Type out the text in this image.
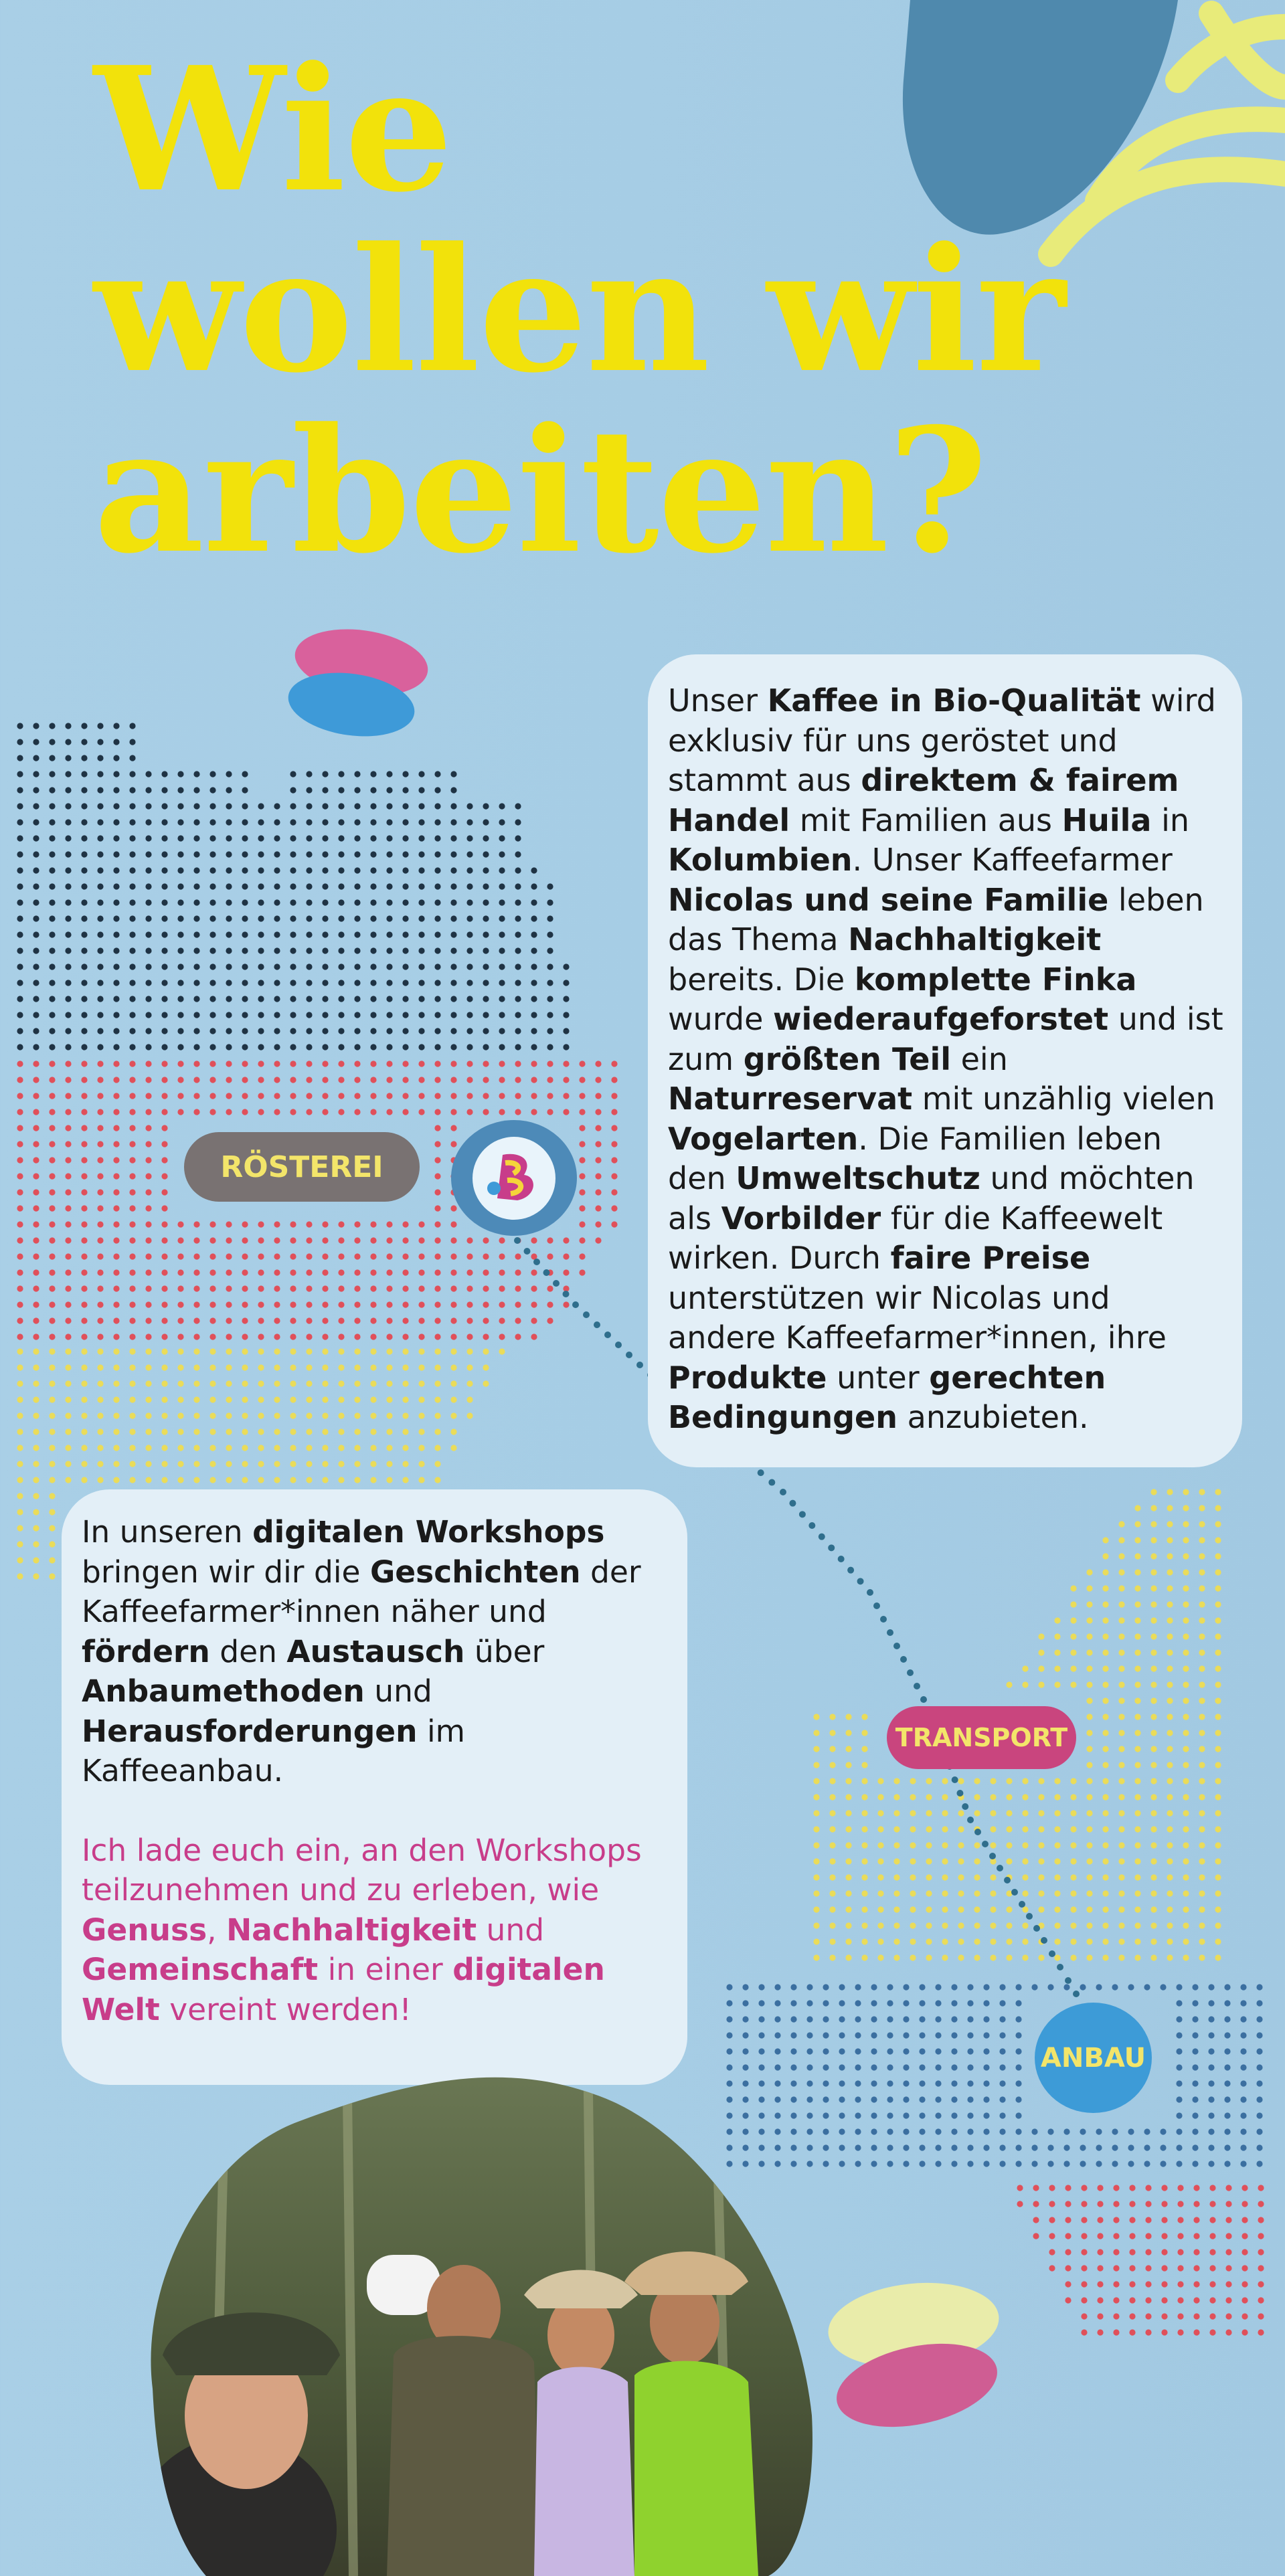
Wie
wollen wir
arbeiten?
Unser Kaffee in Bio-Qualität wird exklusiv für uns geröstet und stammt aus direktem & fairem Handel mit Familien aus Huila in Kolumbien. Unser Kaffeefarmer Nicolas und seine Familie leben das Thema Nachhaltigkeit bereits. Die komplette Finka wurde wiederaufgeforstet und ist zum größten Teil ein Naturreservat mit unzählig vielen Vogelarten. Die Familien leben den Umweltschutz und möchten als Vorbilder für die Kaffeewelt wirken. Durch faire Preise unterstützen wir Nicolas und andere Kaffeefarmer*innen, ihre Produkte unter gerechten Bedingungen anzubieten.
In unseren digitalen Workshops bringen wir dir die Geschichten der Kaffeefarmer*innen näher und fördern den Austausch über Anbaumethoden und Herausforderungen im Kaffeeanbau.
Ich lade euch ein, an den Workshops teilzunehmen und zu erleben, wie Genuss, Nachhaltigkeit und Gemeinschaft in einer digitalen Welt vereint werden!
RÖSTEREI
TRANSPORT
ANBAU
